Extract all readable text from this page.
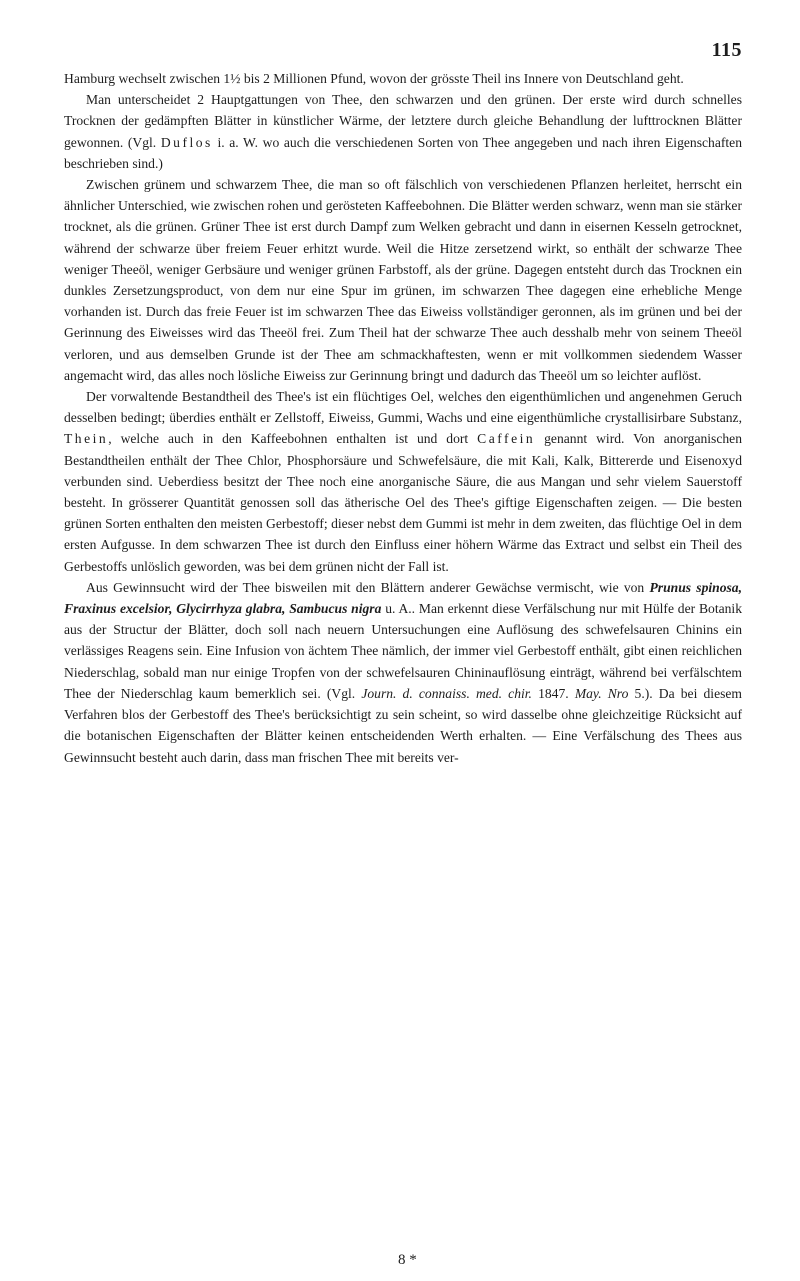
115

Hamburg wechselt zwischen 1½ bis 2 Millionen Pfund, wovon der grösste Theil ins Innere von Deutschland geht.

Man unterscheidet 2 Hauptgattungen von Thee, den schwarzen und den grünen. Der erste wird durch schnelles Trocknen der gedämpften Blätter in künstlicher Wärme, der letztere durch gleiche Behandlung der lufttrocknen Blätter gewonnen. (Vgl. Duflos i. a. W. wo auch die verschiedenen Sorten von Thee angegeben und nach ihren Eigenschaften beschrieben sind.)

Zwischen grünem und schwarzem Thee, die man so oft fälschlich von verschiedenen Pflanzen herleitet, herrscht ein ähnlicher Unterschied, wie zwischen rohen und gerösteten Kaffeebohnen. Die Blätter werden schwarz, wenn man sie stärker trocknet, als die grünen. Grüner Thee ist erst durch Dampf zum Welken gebracht und dann in eisernen Kesseln getrocknet, während der schwarze über freiem Feuer erhitzt wurde. Weil die Hitze zersetzend wirkt, so enthält der schwarze Thee weniger Theeöl, weniger Gerbsäure und weniger grünen Farbstoff, als der grüne. Dagegen entsteht durch das Trocknen ein dunkles Zersetzungsproduct, von dem nur eine Spur im grünen, im schwarzen Thee dagegen eine erhebliche Menge vorhanden ist. Durch das freie Feuer ist im schwarzen Thee das Eiweiss vollständiger geronnen, als im grünen und bei der Gerinnung des Eiweisses wird das Theeöl frei. Zum Theil hat der schwarze Thee auch desshalb mehr von seinem Theeöl verloren, und aus demselben Grunde ist der Thee am schmackhaftesten, wenn er mit vollkommen siedendem Wasser angemacht wird, das alles noch lösliche Eiweiss zur Gerinnung bringt und dadurch das Theeöl um so leichter auflöst.

Der vorwaltende Bestandtheil des Thee's ist ein flüchtiges Oel, welches den eigenthümlichen und angenehmen Geruch desselben bedingt; überdies enthält er Zellstoff, Eiweiss, Gummi, Wachs und eine eigenthümliche crystallisirbare Substanz, Thein, welche auch in den Kaffeebohnen enthalten ist und dort Caffein genannt wird. Von anorganischen Bestandtheilen enthält der Thee Chlor, Phosphorsäure und Schwefelsäure, die mit Kali, Kalk, Bittererde und Eisenoxyd verbunden sind. Ueberdiess besitzt der Thee noch eine anorganische Säure, die aus Mangan und sehr vielem Sauerstoff besteht. In grösserer Quantität genossen soll das ätherische Oel des Thee's giftige Eigenschaften zeigen. — Die besten grünen Sorten enthalten den meisten Gerbestoff; dieser nebst dem Gummi ist mehr in dem zweiten, das flüchtige Oel in dem ersten Aufgusse. In dem schwarzen Thee ist durch den Einfluss einer höhern Wärme das Extract und selbst ein Theil des Gerbestoffs unlöslich geworden, was bei dem grünen nicht der Fall ist.

Aus Gewinnsucht wird der Thee bisweilen mit den Blättern anderer Gewächse vermischt, wie von Prunus spinosa, Fraxinus excelsior, Glycirrhyza glabra, Sambucus nigra u. A.. Man erkennt diese Verfälschung nur mit Hülfe der Botanik aus der Structur der Blätter, doch soll nach neuern Untersuchungen eine Auflösung des schwefelsauren Chinins ein verlässiges Reagens sein. Eine Infusion von ächtem Thee nämlich, der immer viel Gerbestoff enthält, gibt einen reichlichen Niederschlag, sobald man nur einige Tropfen von der schwefelsauren Chininauflösung einträgt, während bei verfälschtem Thee der Niederschlag kaum bemerklich sei. (Vgl. Journ. d. connaiss. med. chir. 1847. May. Nro 5.). Da bei diesem Verfahren blos der Gerbestoff des Thee's berücksichtigt zu sein scheint, so wird dasselbe ohne gleichzeitige Rücksicht auf die botanischen Eigenschaften der Blätter keinen entscheidenden Werth erhalten. — Eine Verfälschung des Thees aus Gewinnsucht besteht auch darin, dass man frischen Thee mit bereits ver-

8 *
